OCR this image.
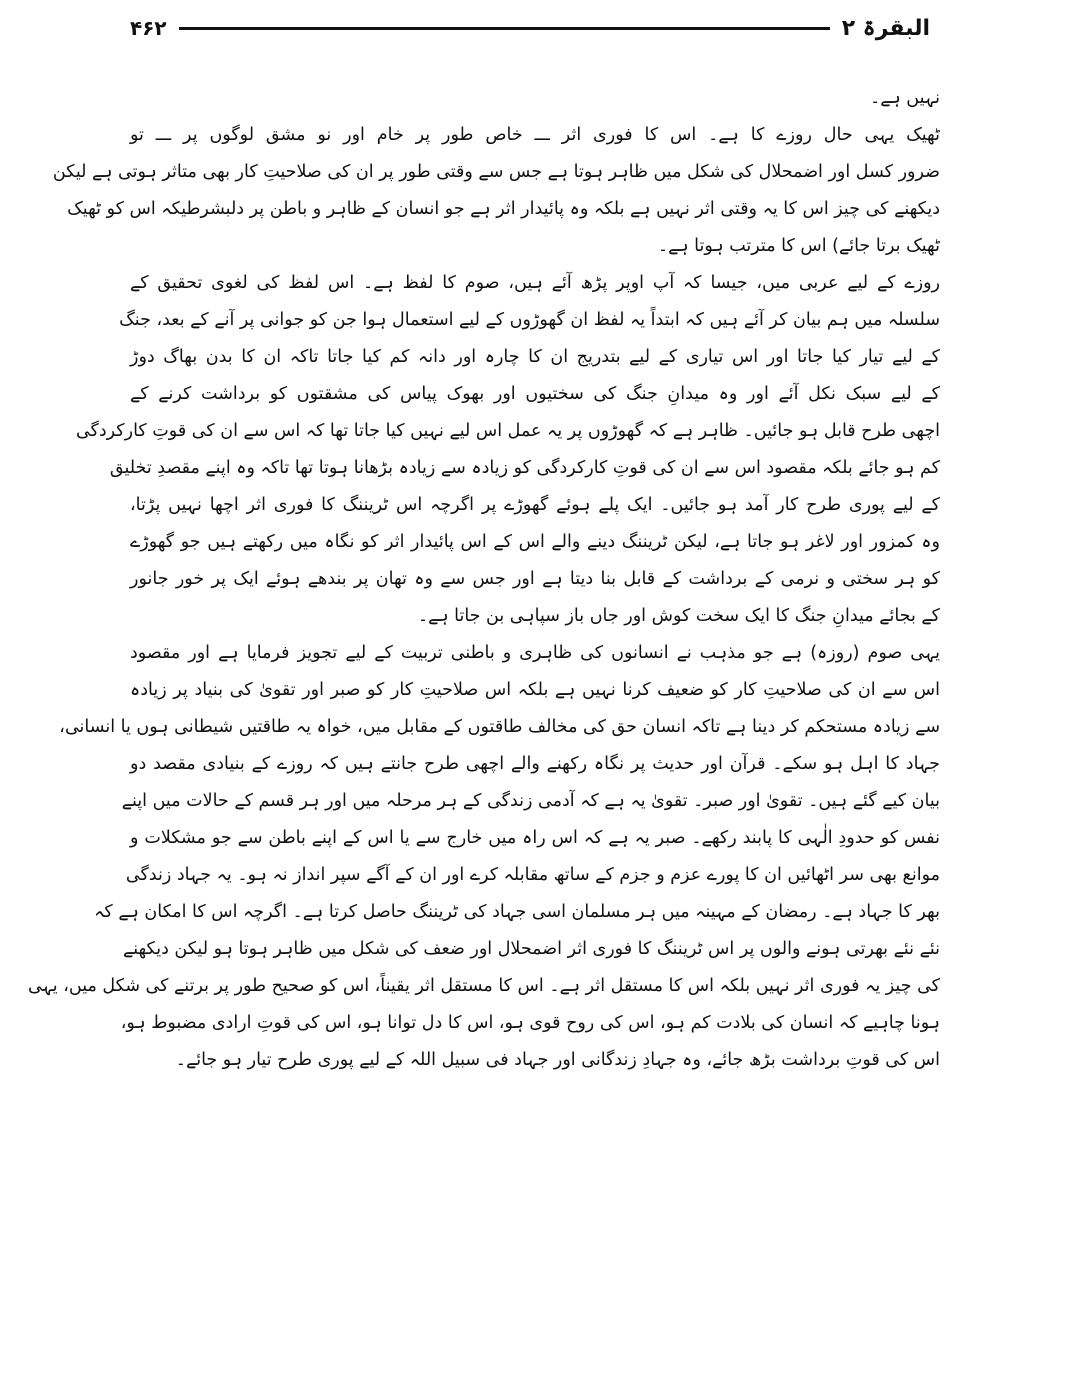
البقرۃ ۲
۴۶۲
نہیں ہے۔
ٹھیک یہی حال روزے کا ہے۔ اس کا فوری اثر ـــ خاص طور پر خام اور نو مشق لوگوں پر ـــ تو
ضرور کسل اور اضمحلال کی شکل میں ظاہر ہوتا ہے جس سے وقتی طور پر ان کی صلاحیتِ کار بھی متاثر ہوتی ہے لیکن
دیکھنے کی چیز اس کا یہ وقتی اثر نہیں ہے بلکہ وہ پائیدار اثر ہے جو انسان کے ظاہر و باطن پر دلبشرطیکہ اس کو ٹھیک
ٹھیک برتا جائے) اس کا مترتب ہوتا ہے۔
روزے کے لیے عربی میں، جیسا کہ آپ اوپر پڑھ آئے ہیں، صوم کا لفظ ہے۔ اس لفظ کی لغوی تحقیق کے
سلسلہ میں ہم بیان کر آئے ہیں کہ ابتداً یہ لفظ ان گھوڑوں کے لیے استعمال ہوا جن کو جوانی پر آنے کے بعد، جنگ
کے لیے تیار کیا جاتا اور اس تیاری کے لیے بتدریج ان کا چارہ اور دانہ کم کیا جاتا تاکہ ان کا بدن بھاگ دوڑ
کے لیے سبک نکل آئے اور وہ میدانِ جنگ کی سختیوں اور بھوک پیاس کی مشقتوں کو برداشت کرنے کے
اچھی طرح قابل ہو جائیں۔ ظاہر ہے کہ گھوڑوں پر یہ عمل اس لیے نہیں کیا جاتا تھا کہ اس سے ان کی قوتِ کارکردگی
کم ہو جائے بلکہ مقصود اس سے ان کی قوتِ کارکردگی کو زیادہ سے زیادہ بڑھانا ہوتا تھا تاکہ وہ اپنے مقصدِ تخلیق
کے لیے پوری طرح کار آمد ہو جائیں۔ ایک پلے ہوئے گھوڑے پر اگرچہ اس ٹریننگ کا فوری اثر اچھا نہیں پڑتا،
وہ کمزور اور لاغر ہو جاتا ہے، لیکن ٹریننگ دینے والے اس کے اس پائیدار اثر کو نگاہ میں رکھتے ہیں جو گھوڑے
کو ہر سختی و نرمی کے برداشت کے قابل بنا دیتا ہے اور جس سے وہ تھان پر بندھے ہوئے ایک پر خور جانور
کے بجائے میدانِ جنگ کا ایک سخت کوش اور جاں باز سپاہی بن جاتا ہے۔
یہی صوم (روزہ) ہے جو مذہب نے انسانوں کی ظاہری و باطنی تربیت کے لیے تجویز فرمایا ہے اور مقصود
اس سے ان کی صلاحیتِ کار کو ضعیف کرنا نہیں ہے بلکہ اس صلاحیتِ کار کو صبر اور تقویٰ کی بنیاد پر زیادہ
سے زیادہ مستحکم کر دینا ہے تاکہ انسان حق کی مخالف طاقتوں کے مقابل میں، خواہ یہ طاقتیں شیطانی ہوں یا انسانی،
جہاد کا اہل ہو سکے۔ قرآن اور حدیث پر نگاہ رکھنے والے اچھی طرح جانتے ہیں کہ روزے کے بنیادی مقصد دو
بیان کیے گئے ہیں۔ تقویٰ اور صبر۔ تقویٰ یہ ہے کہ آدمی زندگی کے ہر مرحلہ میں اور ہر قسم کے حالات میں اپنے
نفس کو حدودِ الٰہی کا پابند رکھے۔ صبر یہ ہے کہ اس راہ میں خارج سے یا اس کے اپنے باطن سے جو مشکلات و
موانع بھی سر اٹھائیں ان کا پورے عزم و جزم کے ساتھ مقابلہ کرے اور ان کے آگے سپر انداز نہ ہو۔ یہ جہاد زندگی
بھر کا جہاد ہے۔ رمضان کے مہینہ میں ہر مسلمان اسی جہاد کی ٹریننگ حاصل کرتا ہے۔ اگرچہ اس کا امکان ہے کہ
نئے نئے بھرتی ہونے والوں پر اس ٹریننگ کا فوری اثر اضمحلال اور ضعف کی شکل میں ظاہر ہوتا ہو لیکن دیکھنے
کی چیز یہ فوری اثر نہیں بلکہ اس کا مستقل اثر ہے۔ اس کا مستقل اثر یقیناً، اس کو صحیح طور پر برتنے کی شکل میں، یہی
ہونا چاہیے کہ انسان کی بلادت کم ہو، اس کی روح قوی ہو، اس کا دل توانا ہو، اس کی قوتِ ارادی مضبوط ہو،
اس کی قوتِ برداشت بڑھ جائے، وہ جہادِ زندگانی اور جہاد فی سبیل اللہ کے لیے پوری طرح تیار ہو جائے۔
